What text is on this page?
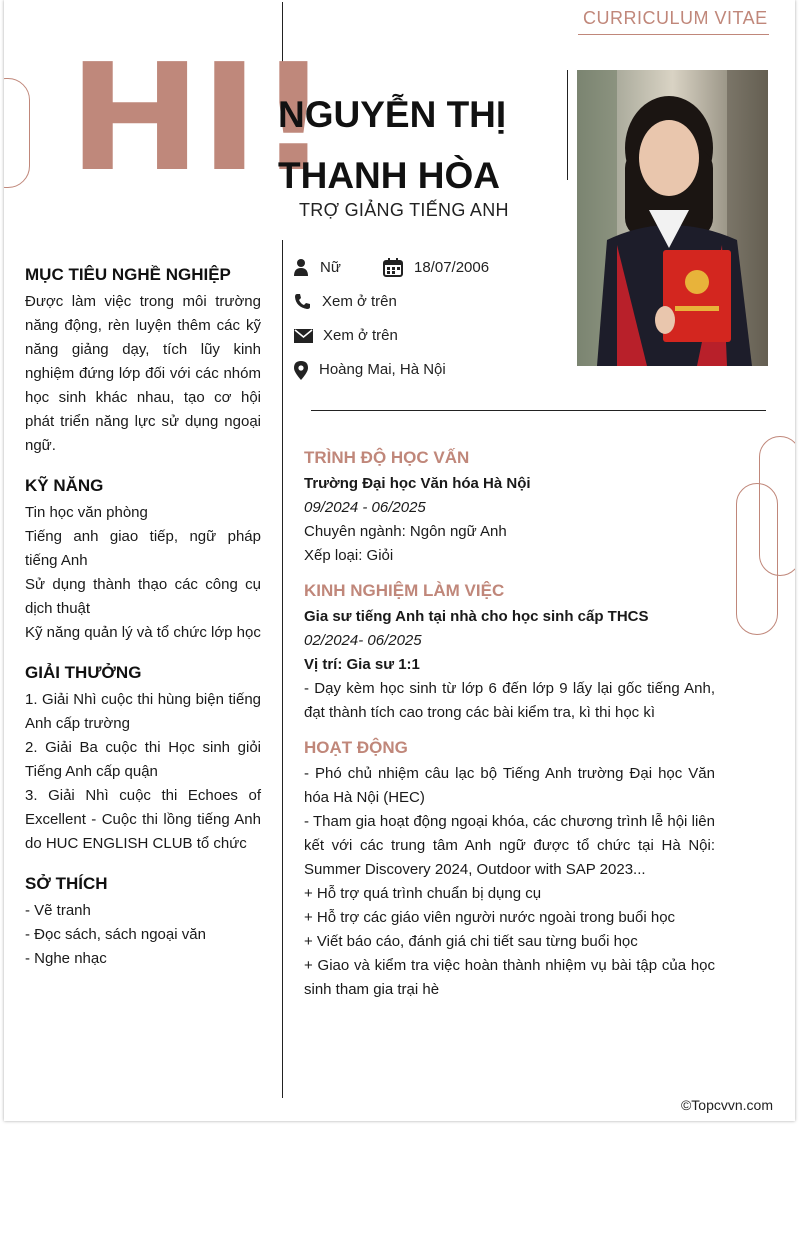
CURRICULUM VITAE
HI!
NGUYỄN THỊ
THANH HÒA
TRỢ GIẢNG TIẾNG ANH
Nữ	18/07/2006
Xem ở trên
Xem ở trên
Hoàng Mai, Hà Nội
MỤC TIÊU NGHỀ NGHIỆP
Được làm việc trong môi trường năng động, rèn luyện thêm các kỹ năng giảng dạy, tích lũy kinh nghiệm đứng lớp đối với các nhóm học sinh khác nhau, tạo cơ hội phát triển năng lực sử dụng ngoại ngữ.
KỸ NĂNG
Tin học văn phòng
Tiếng anh giao tiếp, ngữ pháp tiếng Anh
Sử dụng thành thạo các công cụ dịch thuật
Kỹ năng quản lý và tổ chức lớp học
GIẢI THƯỞNG
1. Giải Nhì cuộc thi hùng biện tiếng Anh cấp trường
2. Giải Ba cuộc thi Học sinh giỏi Tiếng Anh cấp quận
3. Giải Nhì cuộc thi Echoes of Excellent - Cuộc thi lồng tiếng Anh do HUC ENGLISH CLUB tổ chức
SỞ THÍCH
- Vẽ tranh
- Đọc sách, sách ngoại văn
- Nghe nhạc
TRÌNH ĐỘ HỌC VẤN
Trường Đại học Văn hóa Hà Nội
09/2024 - 06/2025
Chuyên ngành: Ngôn ngữ Anh
Xếp loại: Giỏi
KINH NGHIỆM LÀM VIỆC
Gia sư tiếng Anh tại nhà cho học sinh cấp THCS
02/2024- 06/2025
Vị trí: Gia sư 1:1
- Dạy kèm học sinh từ lớp 6 đến lớp 9 lấy lại gốc tiếng Anh, đạt thành tích cao trong các bài kiểm tra, kì thi học kì
HOẠT ĐỘNG
- Phó chủ nhiệm câu lạc bộ Tiếng Anh trường Đại học Văn hóa Hà Nội (HEC)
- Tham gia hoạt động ngoại khóa, các chương trình lễ hội liên kết với các trung tâm Anh ngữ được tổ chức tại Hà Nội: Summer Discovery 2024, Outdoor with SAP 2023...
+ Hỗ trợ quá trình chuẩn bị dụng cụ
+ Hỗ trợ các giáo viên người nước ngoài trong buổi học
+ Viết báo cáo, đánh giá chi tiết sau từng buổi học
+ Giao và kiểm tra việc hoàn thành nhiệm vụ bài tập của học sinh tham gia trại hè
©Topcvvn.com
